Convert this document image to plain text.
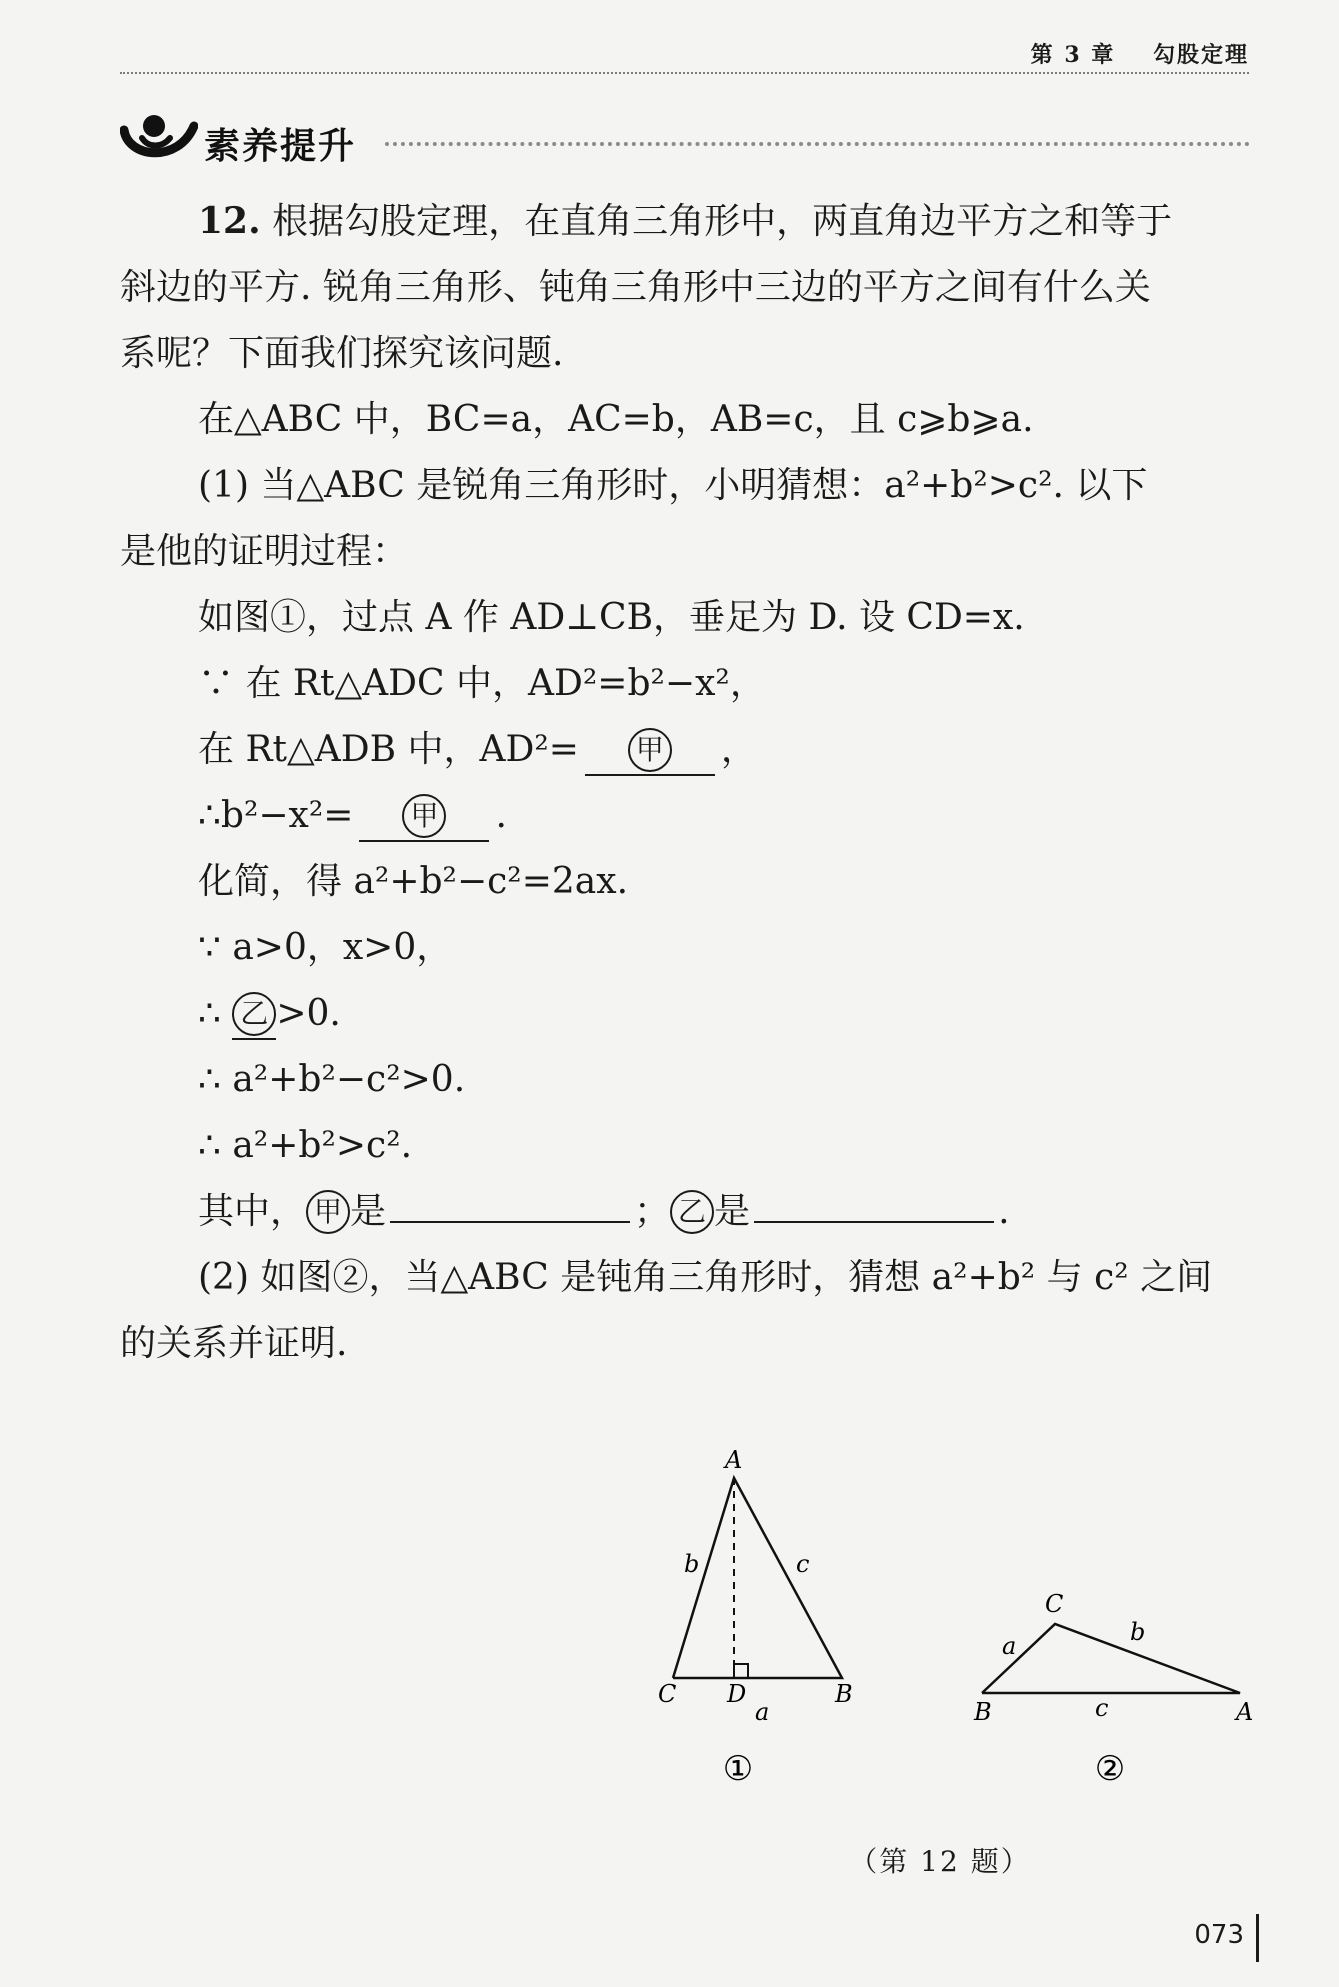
第 3 章 勾股定理
素养提升

12. 根据勾股定理，在直角三角形中，两直角边平方之和等于

斜边的平方. 锐角三角形、钝角三角形中三边的平方之间有什么关

系呢？下面我们探究该问题.

在△ABC 中，BC=a，AC=b，AB=c，且 c⩾b⩾a.

(1) 当△ABC 是锐角三角形时，小明猜想：a²+b²>c². 以下

是他的证明过程：

如图①，过点 A 作 AD⊥CB，垂足为 D. 设 CD=x.

∵ 在 Rt△ADC 中，AD²=b²−x²，

在 Rt△ADB 中，AD²= 甲 ，

∴b²−x²= 甲 .

化简，得 a²+b²−c²=2ax.

∵ a>0，x>0，

∴ 乙 >0.

∴ a²+b²−c²>0.

∴ a²+b²>c².

其中， 甲 是	； 乙 是	.

(2) 如图②，当△ABC 是钝角三角形时，猜想 a²+b² 与 c² 之间

的关系并证明.

A
C D	B
b	c
a
①
C
B	A
a	b
c
②
（第 12 题）
073
